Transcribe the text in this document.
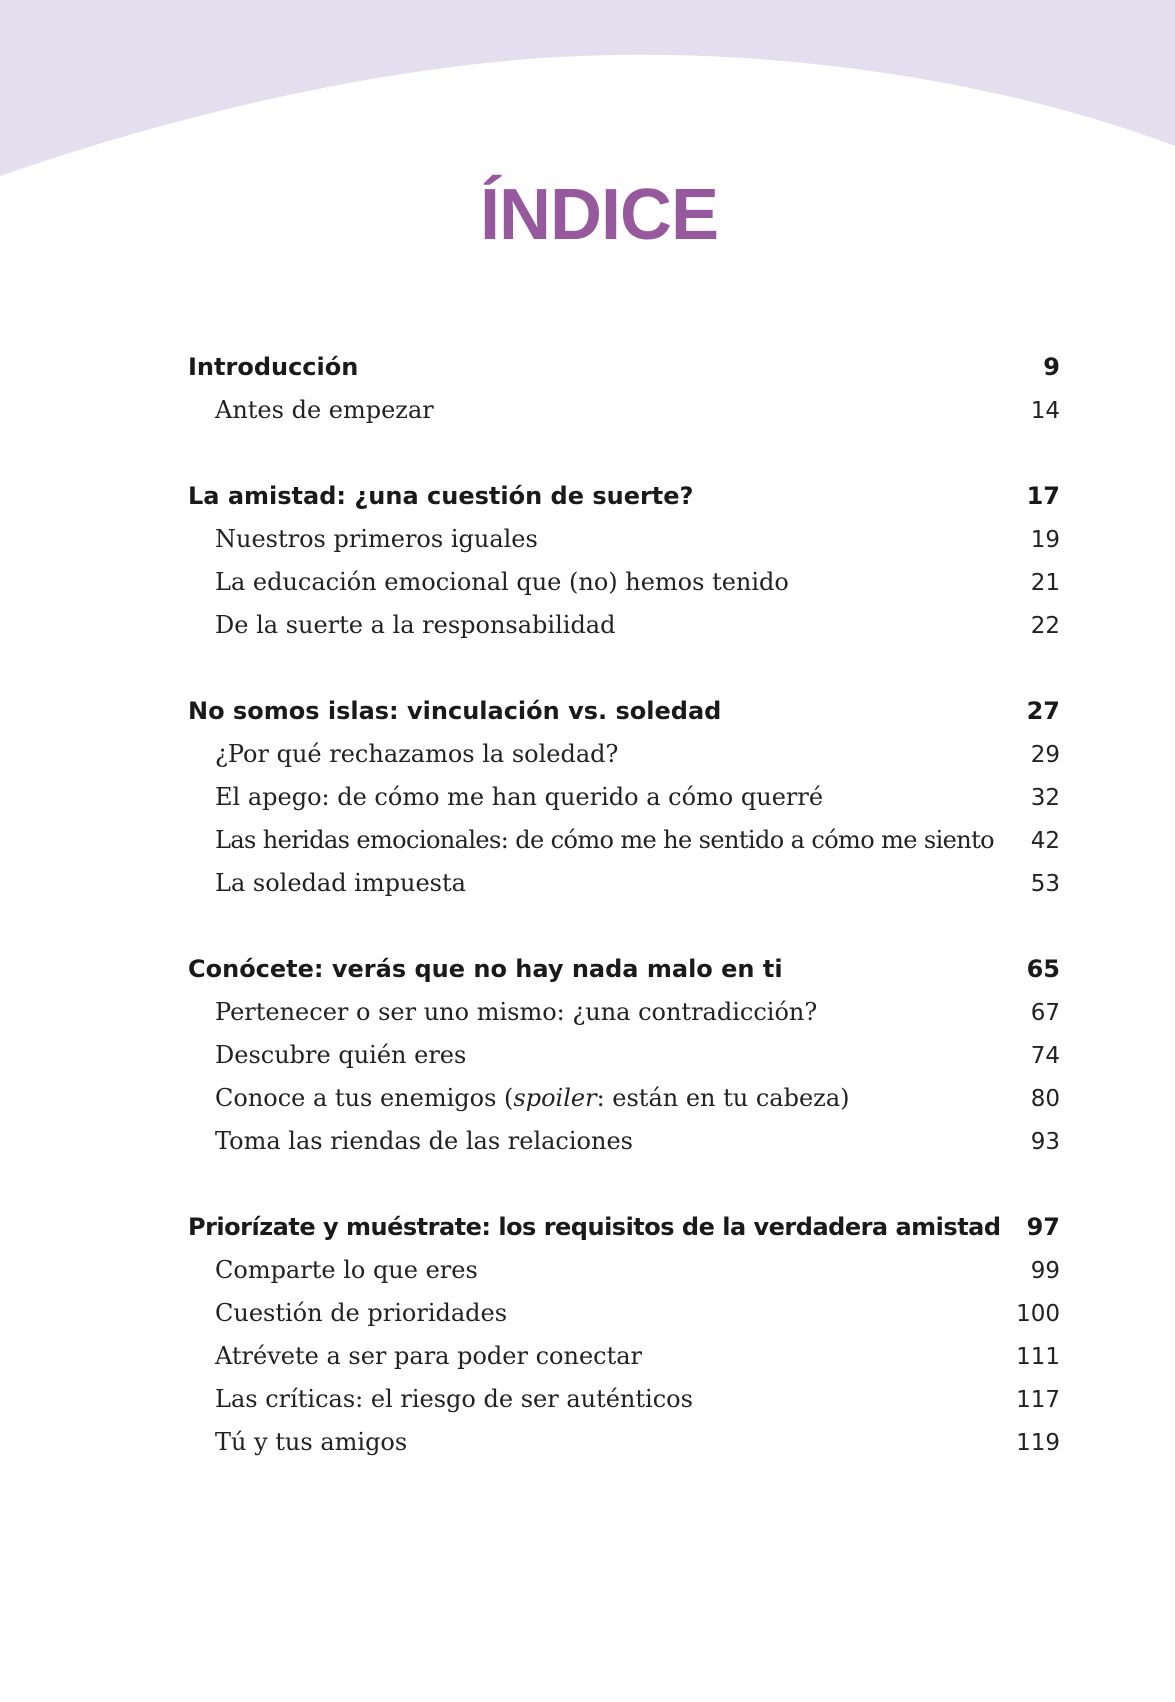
ÍNDICE
Introducción	9
Antes de empezar	14
La amistad: ¿una cuestión de suerte?	17
Nuestros primeros iguales	19
La educación emocional que (no) hemos tenido	21
De la suerte a la responsabilidad	22
No somos islas: vinculación vs. soledad	27
¿Por qué rechazamos la soledad?	29
El apego: de cómo me han querido a cómo querré	32
Las heridas emocionales: de cómo me he sentido a cómo me siento 42
La soledad impuesta	53
Conócete: verás que no hay nada malo en ti	65
Pertenecer o ser uno mismo: ¿una contradicción?	67
Descubre quién eres	74
Conoce a tus enemigos (spoiler: están en tu cabeza)	80
Toma las riendas de las relaciones	93
Priorízate y muéstrate: los requisitos de la verdadera amistad 97
Comparte lo que eres	99
Cuestión de prioridades	100
Atrévete a ser para poder conectar	111
Las críticas: el riesgo de ser auténticos	117
Tú y tus amigos	119
